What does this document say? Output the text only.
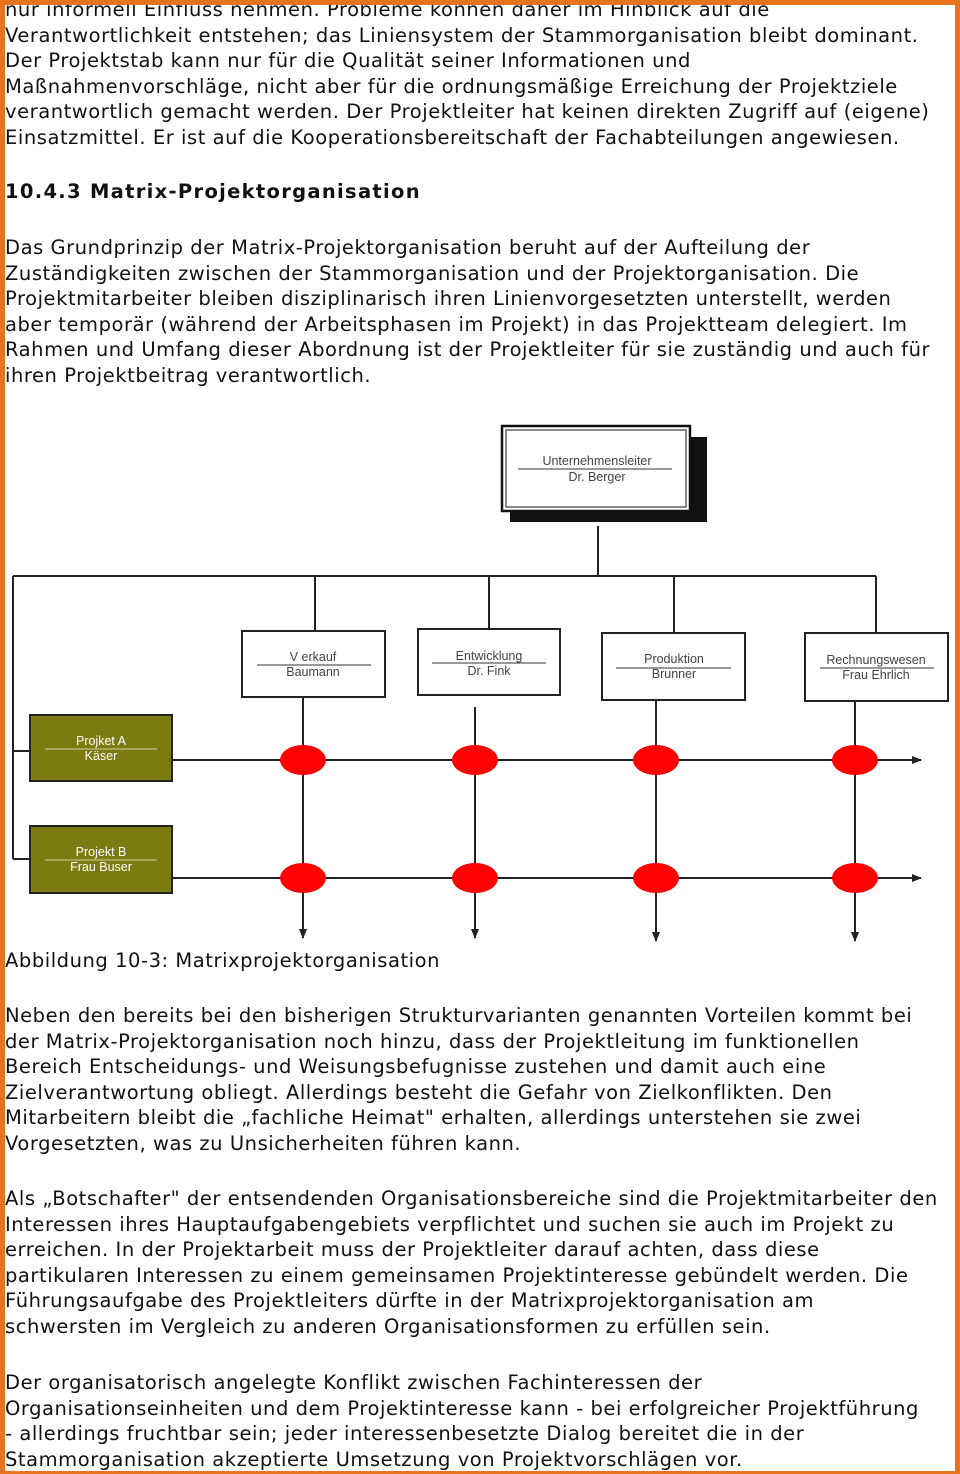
nur informell Einfluss nehmen. Probleme können daher im Hinblick auf die
Verantwortlichkeit entstehen; das Liniensystem der Stammorganisation bleibt dominant.
Der Projektstab kann nur für die Qualität seiner Informationen und
Maßnahmenvorschläge, nicht aber für die ordnungsmäßige Erreichung der Projektziele
verantwortlich gemacht werden. Der Projektleiter hat keinen direkten Zugriff auf (eigene)
Einsatzmittel. Er ist auf die Kooperationsbereitschaft der Fachabteilungen angewiesen.

10.4.3 Matrix-Projektorganisation

Das Grundprinzip der Matrix-Projektorganisation beruht auf der Aufteilung der
Zuständigkeiten zwischen der Stammorganisation und der Projektorganisation. Die
Projektmitarbeiter bleiben disziplinarisch ihren Linienvorgesetzten unterstellt, werden
aber temporär (während der Arbeitsphasen im Projekt) in das Projektteam delegiert. Im
Rahmen und Umfang dieser Abordnung ist der Projektleiter für sie zuständig und auch für
ihren Projektbeitrag verantwortlich.

Unternehmensleiter
Dr. Berger
V erkauf
Baumann
Entwicklung
Dr. Fink
Produktion
Brunner
Rechnungswesen
Frau Ehrlich
Projket A
Käser
Projekt B
Frau Buser

Abbildung 10-3: Matrixprojektorganisation

Neben den bereits bei den bisherigen Strukturvarianten genannten Vorteilen kommt bei
der Matrix-Projektorganisation noch hinzu, dass der Projektleitung im funktionellen
Bereich Entscheidungs- und Weisungsbefugnisse zustehen und damit auch eine
Zielverantwortung obliegt. Allerdings besteht die Gefahr von Zielkonflikten. Den
Mitarbeitern bleibt die „fachliche Heimat" erhalten, allerdings unterstehen sie zwei
Vorgesetzten, was zu Unsicherheiten führen kann.

Als „Botschafter" der entsendenden Organisationsbereiche sind die Projektmitarbeiter den
Interessen ihres Hauptaufgabengebiets verpflichtet und suchen sie auch im Projekt zu
erreichen. In der Projektarbeit muss der Projektleiter darauf achten, dass diese
partikularen Interessen zu einem gemeinsamen Projektinteresse gebündelt werden. Die
Führungsaufgabe des Projektleiters dürfte in der Matrixprojektorganisation am
schwersten im Vergleich zu anderen Organisationsformen zu erfüllen sein.

Der organisatorisch angelegte Konflikt zwischen Fachinteressen der
Organisationseinheiten und dem Projektinteresse kann - bei erfolgreicher Projektführung
- allerdings fruchtbar sein; jeder interessenbesetzte Dialog bereitet die in der
Stammorganisation akzeptierte Umsetzung von Projektvorschlägen vor.
